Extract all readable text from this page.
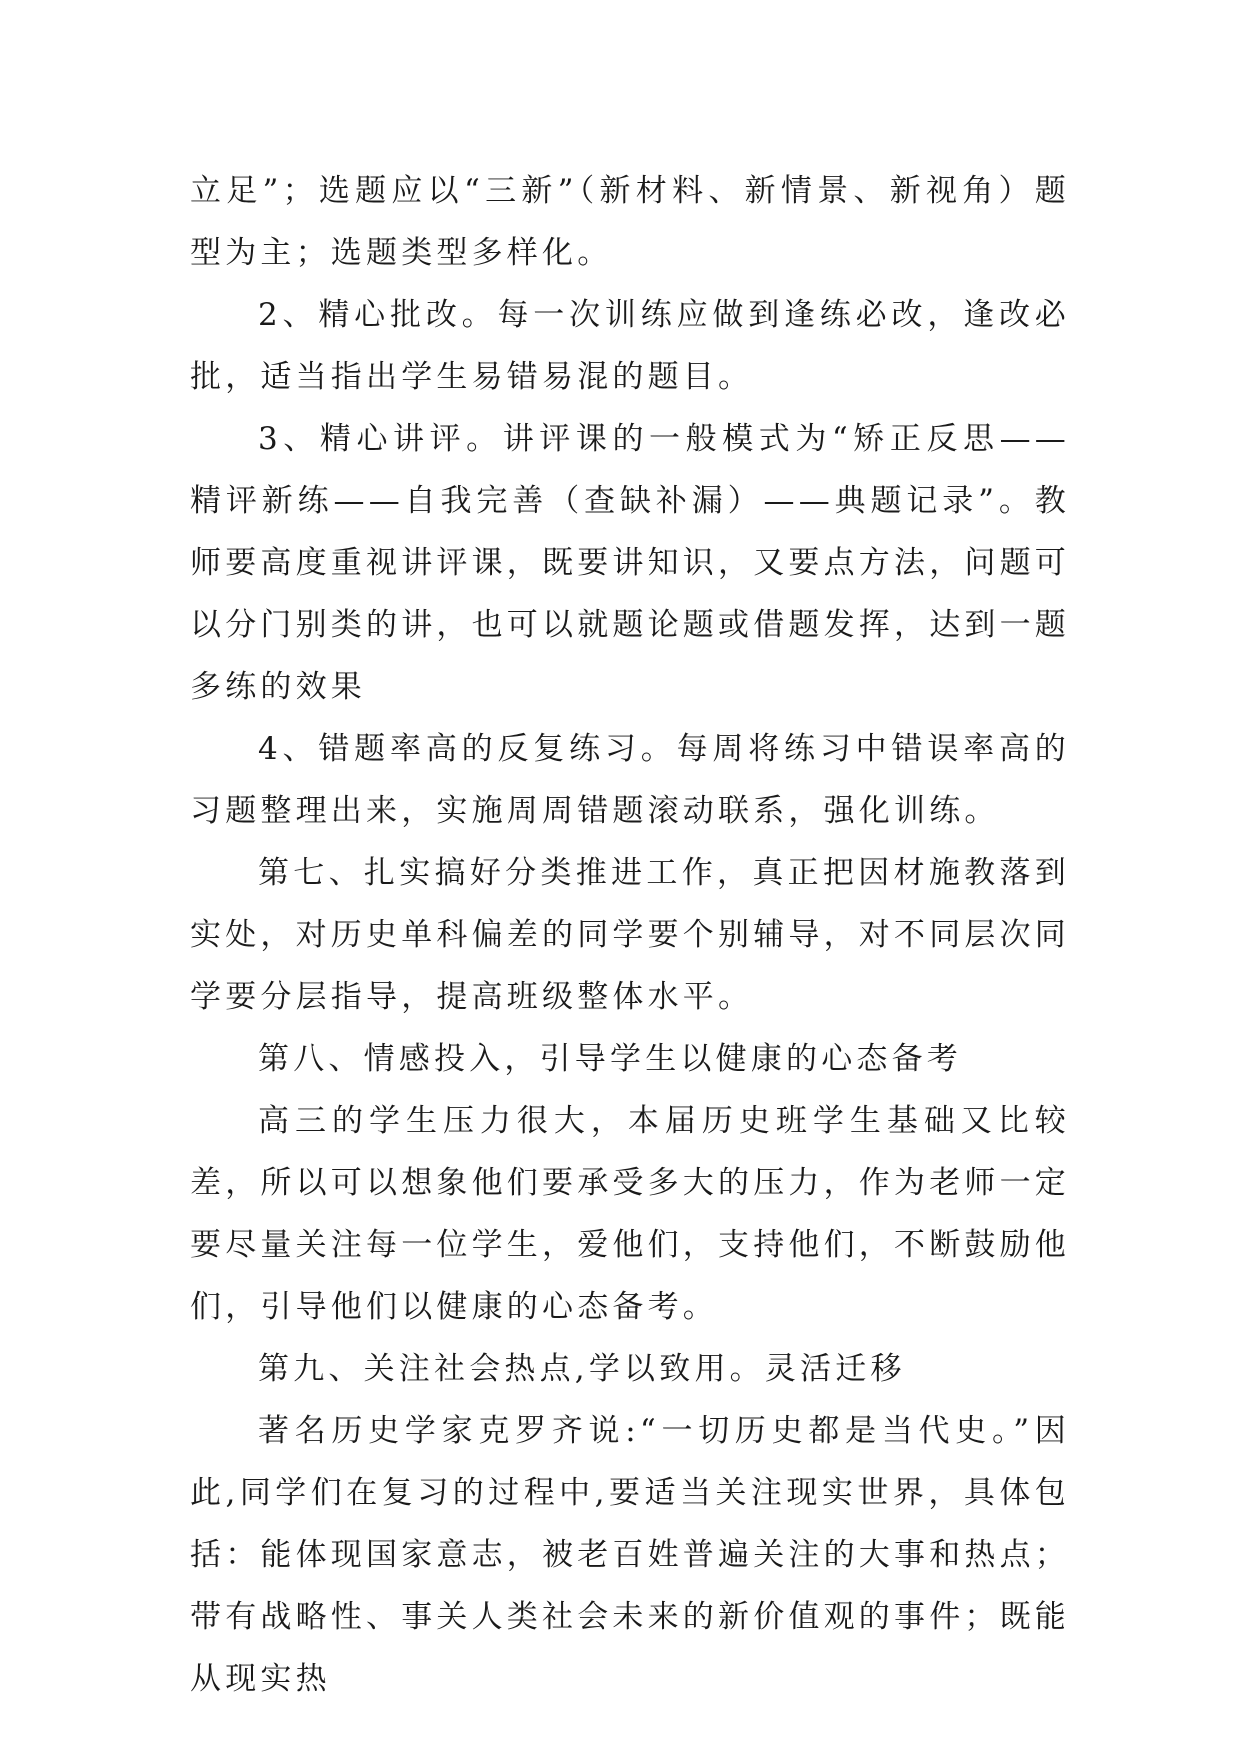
立足”；选题应以“三新”（新材料、新情景、新视角）题型为主；选题类型多样化。

2、精心批改。每一次训练应做到逢练必改，逢改必批，适当指出学生易错易混的题目。

3、精心讲评。讲评课的一般模式为“矫正反思——精评新练——自我完善（查缺补漏）——典题记录”。教师要高度重视讲评课，既要讲知识，又要点方法，问题可以分门别类的讲，也可以就题论题或借题发挥，达到一题多练的效果

4、错题率高的反复练习。每周将练习中错误率高的习题整理出来，实施周周错题滚动联系，强化训练。

第七、扎实搞好分类推进工作，真正把因材施教落到实处，对历史单科偏差的同学要个别辅导，对不同层次同学要分层指导，提高班级整体水平。

第八、情感投入，引导学生以健康的心态备考

高三的学生压力很大，本届历史班学生基础又比较差，所以可以想象他们要承受多大的压力，作为老师一定要尽量关注每一位学生，爱他们，支持他们，不断鼓励他们，引导他们以健康的心态备考。

第九、关注社会热点,学以致用。灵活迁移

著名历史学家克罗齐说:“一切历史都是当代史。”因此,同学们在复习的过程中,要适当关注现实世界，具体包括：能体现国家意志，被老百姓普遍关注的大事和热点；带有战略性、事关人类社会未来的新价值观的事件；既能从现实热
